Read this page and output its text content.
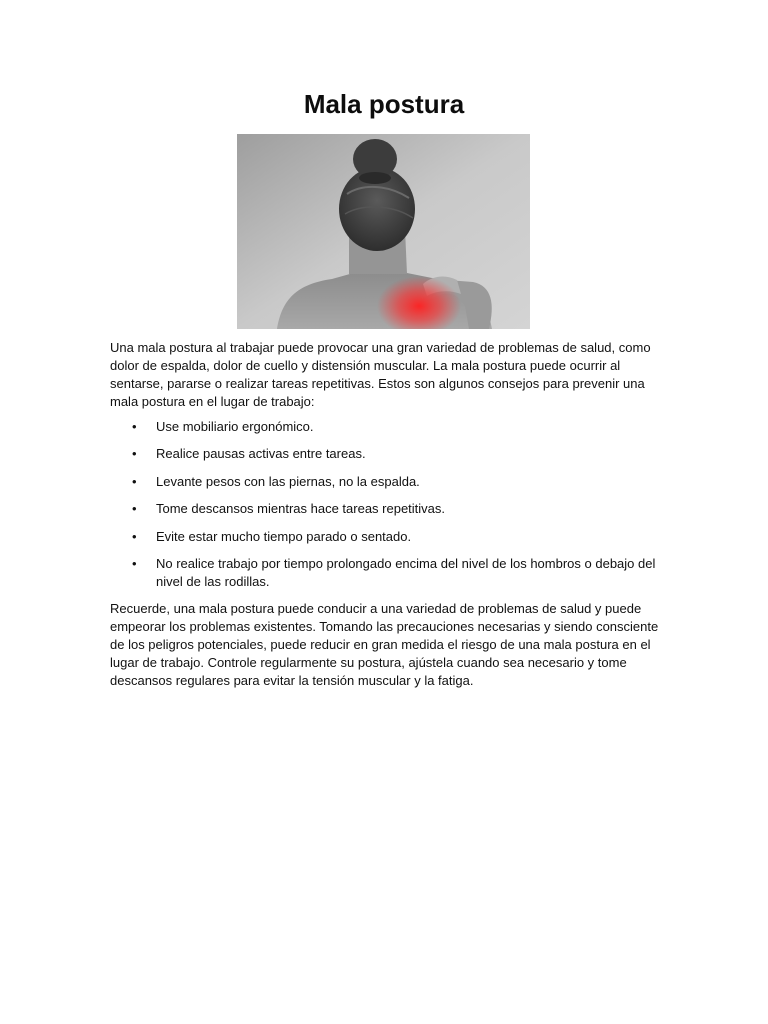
Mala postura

Una mala postura al trabajar puede provocar una gran variedad de problemas de salud, como dolor de espalda, dolor de cuello y distensión muscular. La mala postura puede ocurrir al sentarse, pararse o realizar tareas repetitivas. Estos son algunos consejos para prevenir una mala postura en el lugar de trabajo:

•	Use mobiliario ergonómico.
•	Realice pausas activas entre tareas.
•	Levante pesos con las piernas, no la espalda.
•	Tome descansos mientras hace tareas repetitivas.
•	Evite estar mucho tiempo parado o sentado.
•	No realice trabajo por tiempo prolongado encima del nivel de los hombros o debajo del nivel de las rodillas.

Recuerde, una mala postura puede conducir a una variedad de problemas de salud y puede empeorar los problemas existentes. Tomando las precauciones necesarias y siendo consciente de los peligros potenciales, puede reducir en gran medida el riesgo de una mala postura en el lugar de trabajo. Controle regularmente su postura, ajústela cuando sea necesario y tome descansos regulares para evitar la tensión muscular y la fatiga.
